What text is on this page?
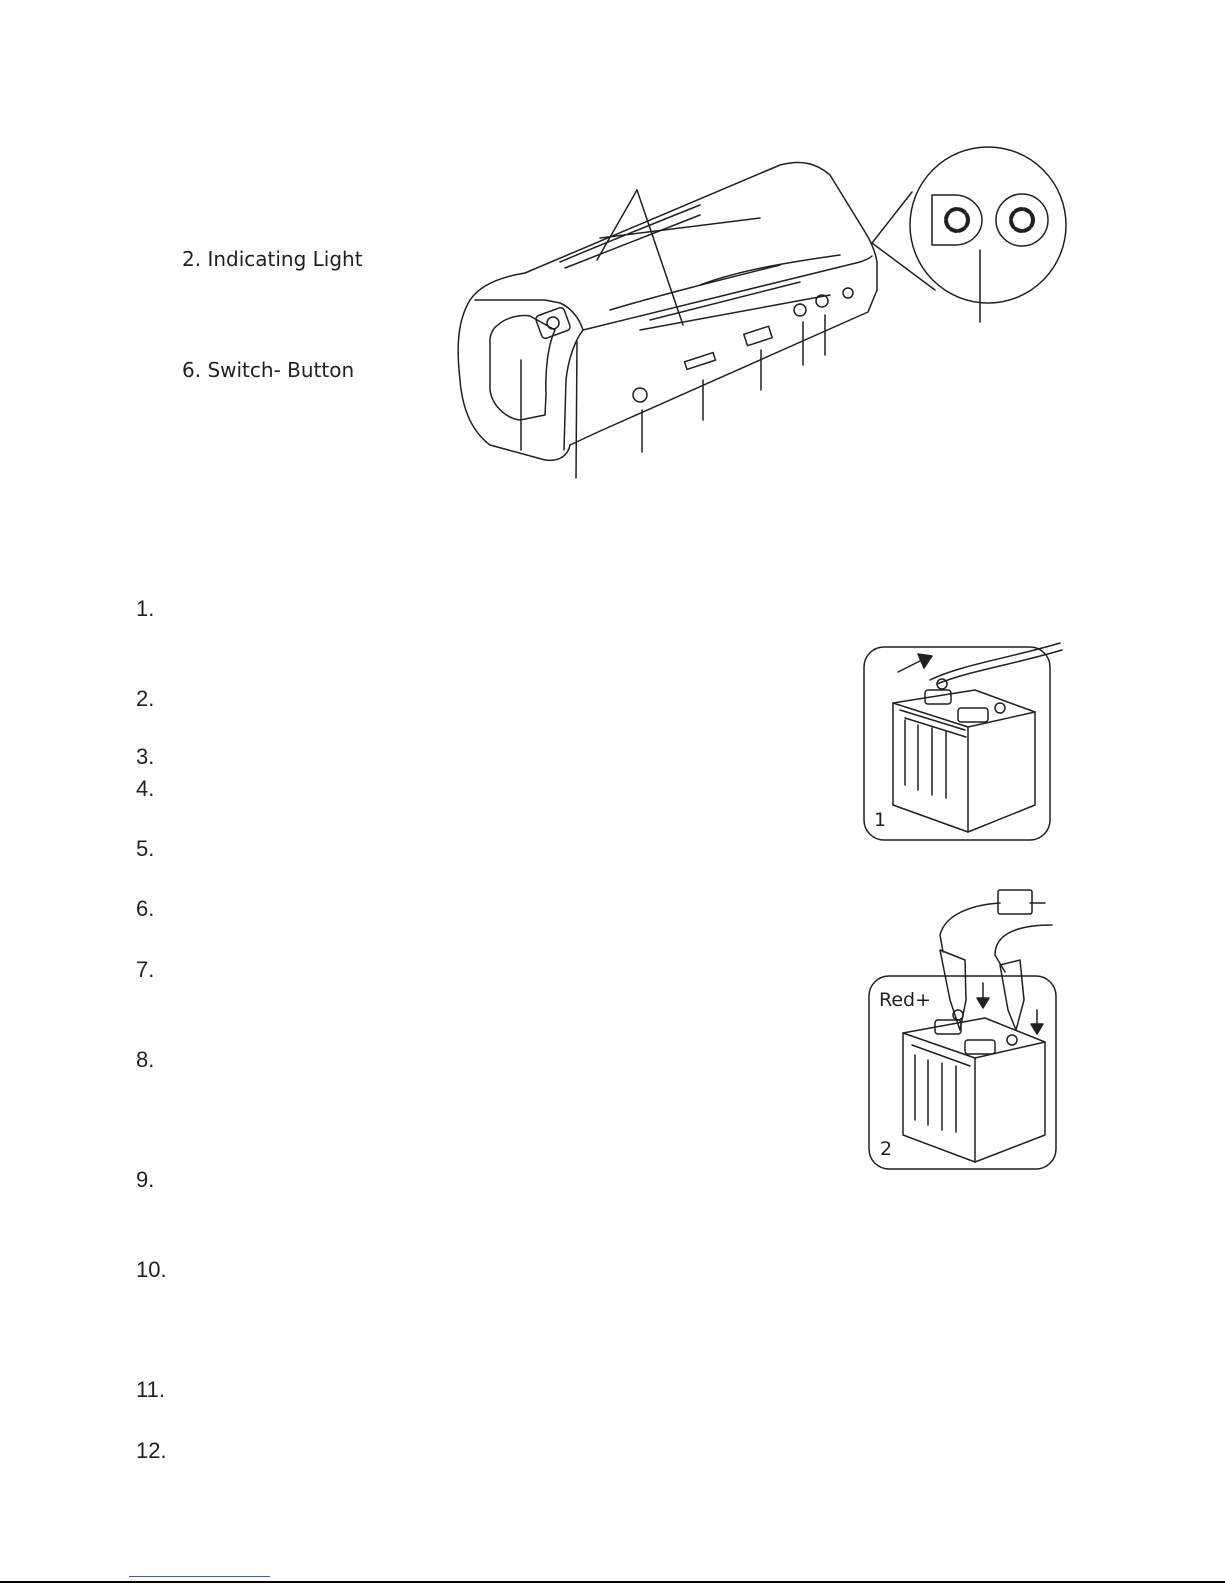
2. Indicating Light
6. Switch- Button
1.
2.
3.
4.
5.
6.
7.
8.
9.
10.
11.
12.
1
Red+
2
